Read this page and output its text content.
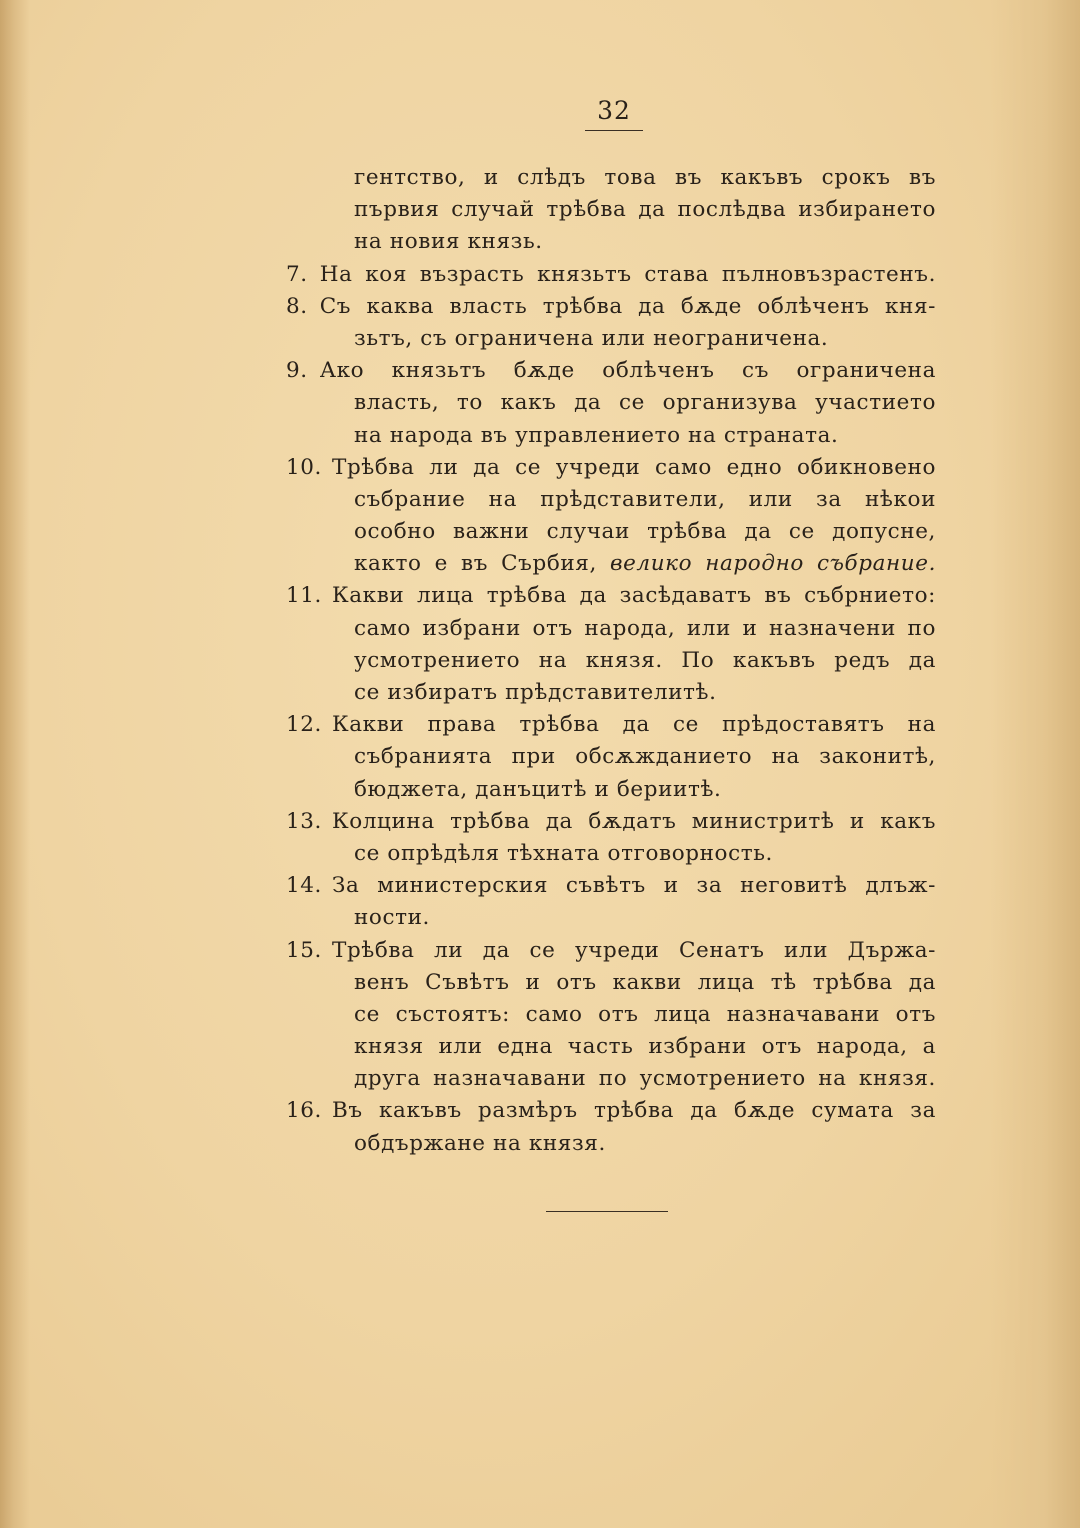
32
гентство, и слѣдъ това въ какъвъ срокъ въ
първия случай трѣбва да послѣдва избирането
на новия князь.
7. На коя възрасть князьтъ става пълновъзрастенъ.
8. Съ каква власть трѣбва да бѫде облѣченъ кня-
зьтъ, съ ограничена или неограничена.
9. Ако князьтъ бѫде облѣченъ съ ограничена
власть, то какъ да се организува участието
на народа въ управлението на страната.
10. Трѣбва ли да се учреди само едно обикновено
събрание на прѣдставители, или за нѣкои
особно важни случаи трѣбва да се допусне,
както е въ Сърбия, велико народно събрание.
11. Какви лица трѣбва да засѣдаватъ въ събрнието:
само избрани отъ народа, или и назначени по
усмотрението на князя. По какъвъ редъ да
се избиратъ прѣдставителитѣ.
12. Какви права трѣбва да се прѣдоставятъ на
събранията при обсѫжданието на законитѣ,
бюджета, данъцитѣ и бериитѣ.
13. Колцина трѣбва да бѫдатъ министритѣ и какъ
се опрѣдѣля тѣхната отговорность.
14. За министерския съвѣтъ и за неговитѣ длъж-
ности.
15. Трѣбва ли да се учреди Сенатъ или Държа-
венъ Съвѣтъ и отъ какви лица тѣ трѣбва да
се състоятъ: само отъ лица назначавани отъ
князя или една часть избрани отъ народа, а
друга назначавани по усмотрението на князя.
16. Въ какъвъ размѣръ трѣбва да бѫде сумата за
обдържане на князя.
